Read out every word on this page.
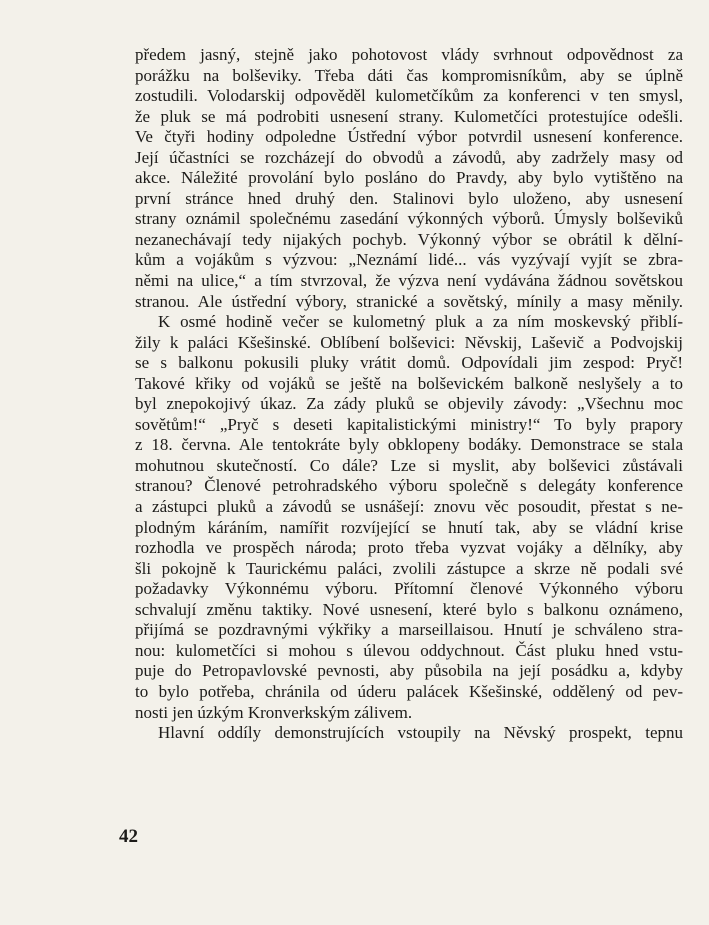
předem jasný, stejně jako pohotovost vlády svrhnout odpovědnost za
porážku na bolševiky. Třeba dáti čas kompromisníkům, aby se úplně
zostudili. Volodarskij odpověděl kulometčíkům za konferenci v ten smysl,
že pluk se má podrobiti usnesení strany. Kulometčíci protestujíce odešli.
Ve čtyři hodiny odpoledne Ústřední výbor potvrdil usnesení konference.
Její účastníci se rozcházejí do obvodů a závodů, aby zadržely masy od
akce. Náležité provolání bylo posláno do Pravdy, aby bylo vytištěno na
první stránce hned druhý den. Stalinovi bylo uloženo, aby usnesení
strany oznámil společnému zasedání výkonných výborů. Úmysly bolševiků
nezanechávají tedy nijakých pochyb. Výkonný výbor se obrátil k dělní-
kům a vojákům s výzvou: „Neznámí lidé... vás vyzývají vyjít se zbra-
němi na ulice,“ a tím stvrzoval, že výzva není vydávána žádnou sovětskou
stranou. Ale ústřední výbory, stranické a sovětský, mínily a masy měnily.
K osmé hodině večer se kulometný pluk a za ním moskevský přiblí-
žily k paláci Kšešinské. Oblíbení bolševici: Něvskij, Laševič a Podvojskij
se s balkonu pokusili pluky vrátit domů. Odpovídali jim zespod: Pryč!
Takové křiky od vojáků se ještě na bolševickém balkoně neslyšely a to
byl znepokojivý úkaz. Za zády pluků se objevily závody: „Všechnu moc
sovětům!“ „Pryč s deseti kapitalistickými ministry!“ To byly prapory
z 18. června. Ale tentokráte byly obklopeny bodáky. Demonstrace se stala
mohutnou skutečností. Co dále? Lze si myslit, aby bolševici zůstávali
stranou? Členové petrohradského výboru společně s delegáty konference
a zástupci pluků a závodů se usnášejí: znovu věc posoudit, přestat s ne-
plodným káráním, namířit rozvíjející se hnutí tak, aby se vládní krise
rozhodla ve prospěch národa; proto třeba vyzvat vojáky a dělníky, aby
šli pokojně k Taurickému paláci, zvolili zástupce a skrze ně podali své
požadavky Výkonnému výboru. Přítomní členové Výkonného výboru
schvalují změnu taktiky. Nové usnesení, které bylo s balkonu oznámeno,
přijímá se pozdravnými výkřiky a marseillaisou. Hnutí je schváleno stra-
nou: kulometčíci si mohou s úlevou oddychnout. Část pluku hned vstu-
puje do Petropavlovské pevnosti, aby působila na její posádku a, kdyby
to bylo potřeba, chránila od úderu palácek Kšešinské, oddělený od pev-
nosti jen úzkým Kronverkským zálivem.
Hlavní oddíly demonstrujících vstoupily na Něvský prospekt, tepnu
42
